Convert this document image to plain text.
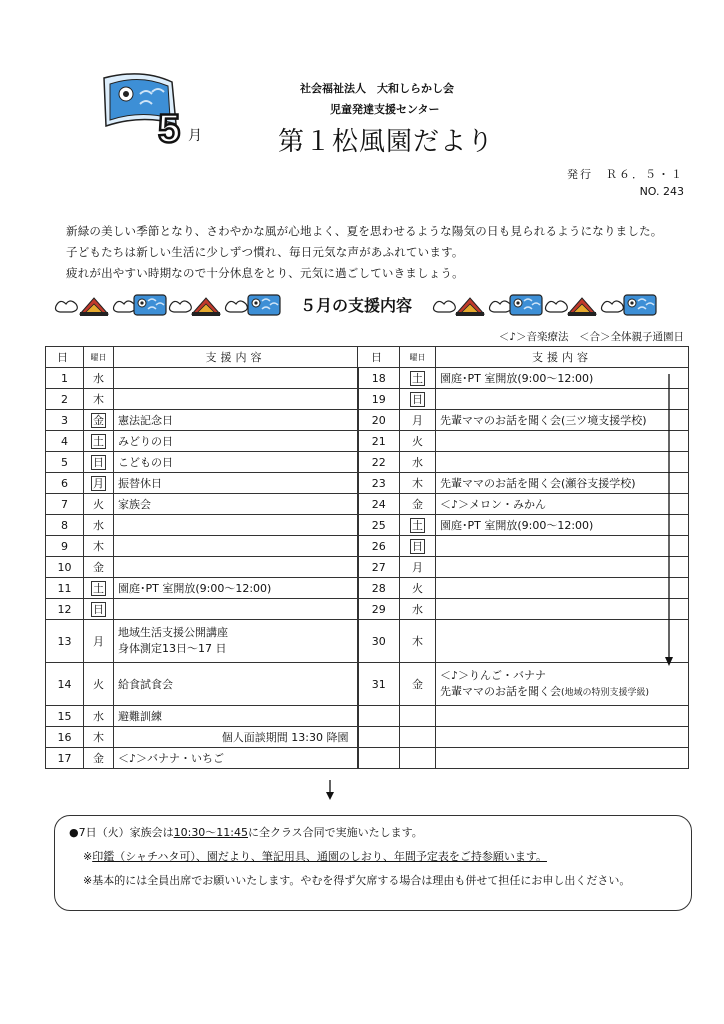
5 月
社会福祉法人　大和しらかし会
児童発達支援センター
第１松風園だより
発行　Ｒ６．５・１
NO. 243
新緑の美しい季節となり、さわやかな風が心地よく、夏を思わせるような陽気の日も見られるようになりました。
子どもたちは新しい生活に少しずつ慣れ、毎日元気な声があふれています。
疲れが出やすい時期なので十分休息をとり、元気に過ごしていきましょう。
５月の支援内容
＜♪＞音楽療法　＜合＞全体親子通園日
日	曜日	支援内容	日	曜日	支援内容
1	水		18	土	園庭･PT 室開放(9:00～12:00)
2	木		19	日	
3	金	憲法記念日	20	月	先輩ママのお話を聞く会(三ツ境支援学校)
4	土	みどりの日	21	火	
5	日	こどもの日	22	水	
6	月	振替休日	23	木	先輩ママのお話を聞く会(瀬谷支援学校)
7	火	家族会	24	金	＜♪＞メロン・みかん
8	水		25	土	園庭･PT 室開放(9:00～12:00)
9	木		26	日	
10	金		27	月	
11	土	園庭･PT 室開放(9:00～12:00)	28	火	
12	日		29	水	
13	月	地域生活支援公開講座
身体測定13日～17 日	30	木	
14	火	給食試食会	31	金	＜♪＞りんご・バナナ
先輩ママのお話を聞く会(地域の特別支援学級)

15	水	避難訓練			
16	木	個人面談期間 13:30 降園			
17	金	＜♪＞バナナ・いちご			
●7日（火）家族会は10:30～11:45に全クラス合同で実施いたします。
※印鑑（シャチハタ可）、園だより、筆記用具、通園のしおり、年間予定表をご持参願います。
※基本的には全員出席でお願いいたします。やむを得ず欠席する場合は理由も併せて担任にお申し出ください。
